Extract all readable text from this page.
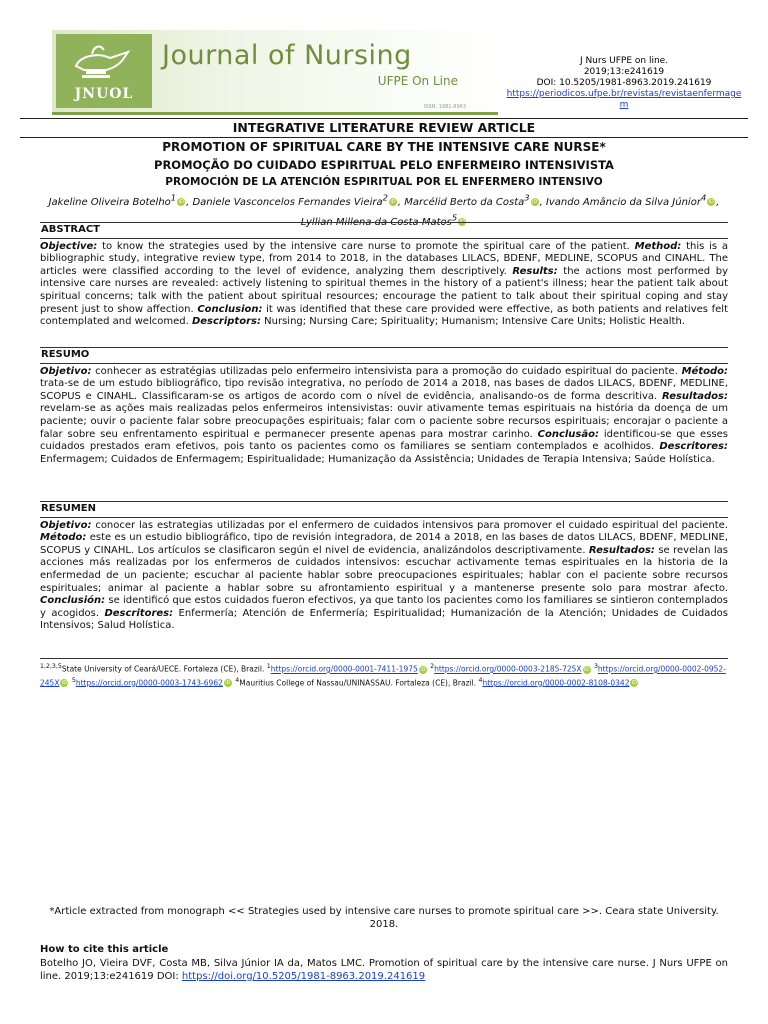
JNUOL
Journal of Nursing
UFPE On Line
ISSN: 1981-8963
J Nurs UFPE on line.
2019;13:e241619
DOI: 10.5205/1981-8963.2019.241619
https://periodicos.ufpe.br/revistas/revistaenfermagem
INTEGRATIVE LITERATURE REVIEW ARTICLE
PROMOTION OF SPIRITUAL CARE BY THE INTENSIVE CARE NURSE*
PROMOÇÃO DO CUIDADO ESPIRITUAL PELO ENFERMEIRO INTENSIVISTA
PROMOCIÓN DE LA ATENCIÓN ESPIRITUAL POR EL ENFERMERO INTENSIVO
Jakeline Oliveira Botelho$^1$ iD , Daniele Vasconcelos Fernandes Vieira$^2$ iD , Marcélid Berto da Costa$^3$ iD , Ivando Amâncio da Silva Júnior$^4$ iD , Lyllian Millena da Costa Matos$^5$ iD
ABSTRACT

Objective: to know the strategies used by the intensive care nurse to promote the spiritual care of the patient. Method: this is a bibliographic study, integrative review type, from 2014 to 2018, in the databases LILACS, BDENF, MEDLINE, SCOPUS and CINAHL. The articles were classified according to the level of evidence, analyzing them descriptively. Results: the actions most performed by intensive care nurses are revealed: actively listening to spiritual themes in the history of a patient's illness; hear the patient talk about spiritual concerns; talk with the patient about spiritual resources; encourage the patient to talk about their spiritual coping and stay present just to show affection. Conclusion: it was identified that these care provided were effective, as both patients and relatives felt contemplated and welcomed. Descriptors: Nursing; Nursing Care; Spirituality; Humanism; Intensive Care Units; Holistic Health.

RESUMO

Objetivo: conhecer as estratégias utilizadas pelo enfermeiro intensivista para a promoção do cuidado espiritual do paciente. Método: trata-se de um estudo bibliográfico, tipo revisão integrativa, no período de 2014 a 2018, nas bases de dados LILACS, BDENF, MEDLINE, SCOPUS e CINAHL. Classificaram-se os artigos de acordo com o nível de evidência, analisando-os de forma descritiva. Resultados: revelam-se as ações mais realizadas pelos enfermeiros intensivistas: ouvir ativamente temas espirituais na história da doença de um paciente; ouvir o paciente falar sobre preocupações espirituais; falar com o paciente sobre recursos espirituais; encorajar o paciente a falar sobre seu enfrentamento espiritual e permanecer presente apenas para mostrar carinho. Conclusão: identificou-se que esses cuidados prestados eram efetivos, pois tanto os pacientes como os familiares se sentiam contemplados e acolhidos. Descritores: Enfermagem; Cuidados de Enfermagem; Espiritualidade; Humanização da Assistência; Unidades de Terapia Intensiva; Saúde Holística.

RESUMEN

Objetivo: conocer las estrategias utilizadas por el enfermero de cuidados intensivos para promover el cuidado espiritual del paciente. Método: este es un estudio bibliográfico, tipo de revisión integradora, de 2014 a 2018, en las bases de datos LILACS, BDENF, MEDLINE, SCOPUS y CINAHL. Los artículos se clasificaron según el nivel de evidencia, analizándolos descriptivamente. Resultados: se revelan las acciones más realizadas por los enfermeros de cuidados intensivos: escuchar activamente temas espirituales en la historia de la enfermedad de un paciente; escuchar al paciente hablar sobre preocupaciones espirituales; hablar con el paciente sobre recursos espirituales; animar al paciente a hablar sobre su afrontamiento espiritual y a mantenerse presente solo para mostrar afecto. Conclusión: se identificó que estos cuidados fueron efectivos, ya que tanto los pacientes como los familiares se sintieron contemplados y acogidos. Descritores: Enfermería; Atención de Enfermería; Espiritualidad; Humanización de la Atención; Unidades de Cuidados Intensivos; Salud Holística.

$^{1,2,3,5}$State University of Ceará/UECE. Fortaleza (CE), Brazil. $^1$https://orcid.org/0000-0001-7411-1975 iD $^2$https://orcid.org/0000-0003-2185-725X iD $^3$https://orcid.org/0000-0002-0952-245X iD $^5$https://orcid.org/0000-0003-1743-6962 iD $^4$Mauritius College of Nassau/UNINASSAU. Fortaleza (CE), Brazil. $^4$https://orcid.org/0000-0002-8108-0342 iD
*Article extracted from monograph << Strategies used by intensive care nurses to promote spiritual care >>. Ceara state University. 2018.
How to cite this article
Botelho JO, Vieira DVF, Costa MB, Silva Júnior IA da, Matos LMC. Promotion of spiritual care by the intensive care nurse. J Nurs UFPE on line. 2019;13:e241619 DOI: https://doi.org/10.5205/1981-8963.2019.241619
